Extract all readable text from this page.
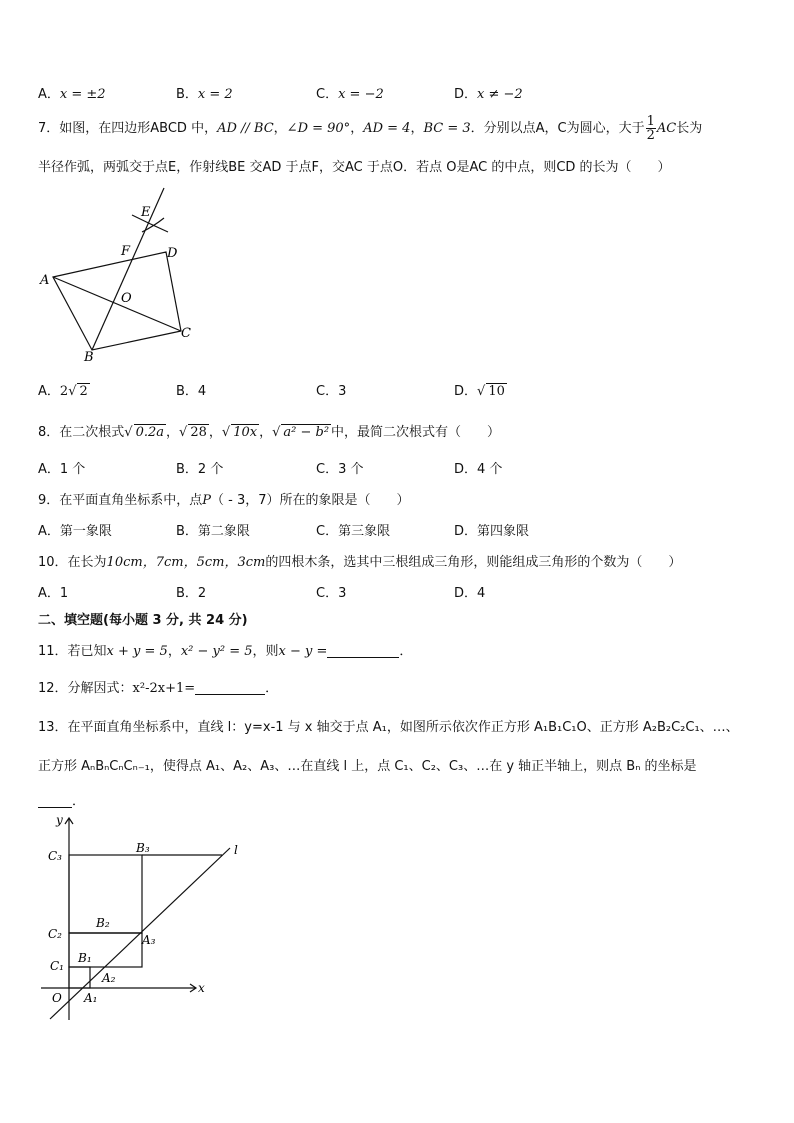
A．x = ±2	B．x = 2	C．x = −2	D．x ≠ −2
7．如图，在四边形ABCD 中，AD // BC，∠D = 90°，AD = 4，BC = 3．分别以点A，C为圆心，大于 $\frac{1}{2}$ AC长为
半径作弧，两弧交于点E，作射线BE 交AD 于点F，交AC 于点O．若点 O是AC 的中点，则CD 的长为（　　）
E
F	D
A
O
B
C
A．2√ 2	B．4	C．3	D．√ 10
8．在二次根式√ 0.2a ，√ 28 ，√ 10x ，√ a² − b² 中，最简二次根式有（　　）
A．1 个	B．2 个	C．3 个	D．4 个
9．在平面直角坐标系中，点P（ - 3，7）所在的象限是（　　）
A．第一象限	B．第二象限	C．第三象限	D．第四象限
10．在长为10cm，7cm，5cm，3cm的四根木条，选其中三根组成三角形，则能组成三角形的个数为（　　）
A．1	B．2	C．3	D．4
二、填空题(每小题 3 分, 共 24 分)
11．若已知x + y = 5，x² − y² = 5，则x − y =	．
12．分解因式：x²-2x+1=	．
13．在平面直角坐标系中，直线 l：y=x-1 与 x 轴交于点 A₁，如图所示依次作正方形 A₁B₁C₁O、正方形 A₂B₂C₂C₁、…、
正方形 AₙBₙCₙCₙ₋₁，使得点 A₁、A₂、A₃、…在直线 l 上，点 C₁、C₂、C₃、…在 y 轴正半轴上，则点 Bₙ 的坐标是
．
y
x
l
O
C₃
B₃
C₂
B₂
A₃
C₁
B₁
A₂
A₁
